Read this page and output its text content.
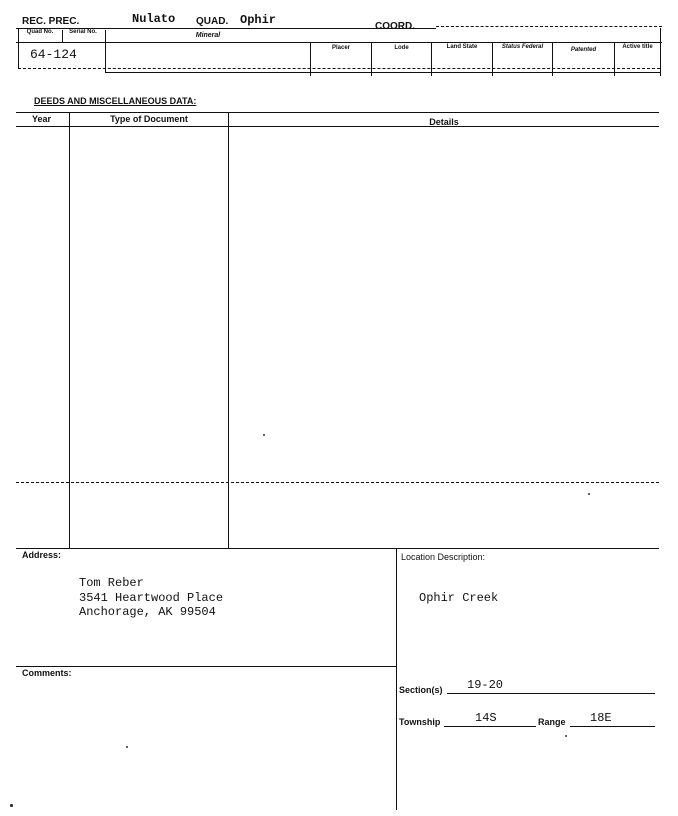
REC. PREC.	Nulato QUAD. Ophir	COORD.
Quad No.	Serial No.	Mineral
Placer	Lode	Land State	Status Federal	Patented	Active title
64-124
DEEDS AND MISCELLANEOUS DATA:
Year	Type of Document	Details
Address:
Tom Reber
3541 Heartwood Place
Anchorage, AK 99504
Comments:
Location Description:
Ophir Creek
Section(s) 19-20
Township	14S	Range 18E
